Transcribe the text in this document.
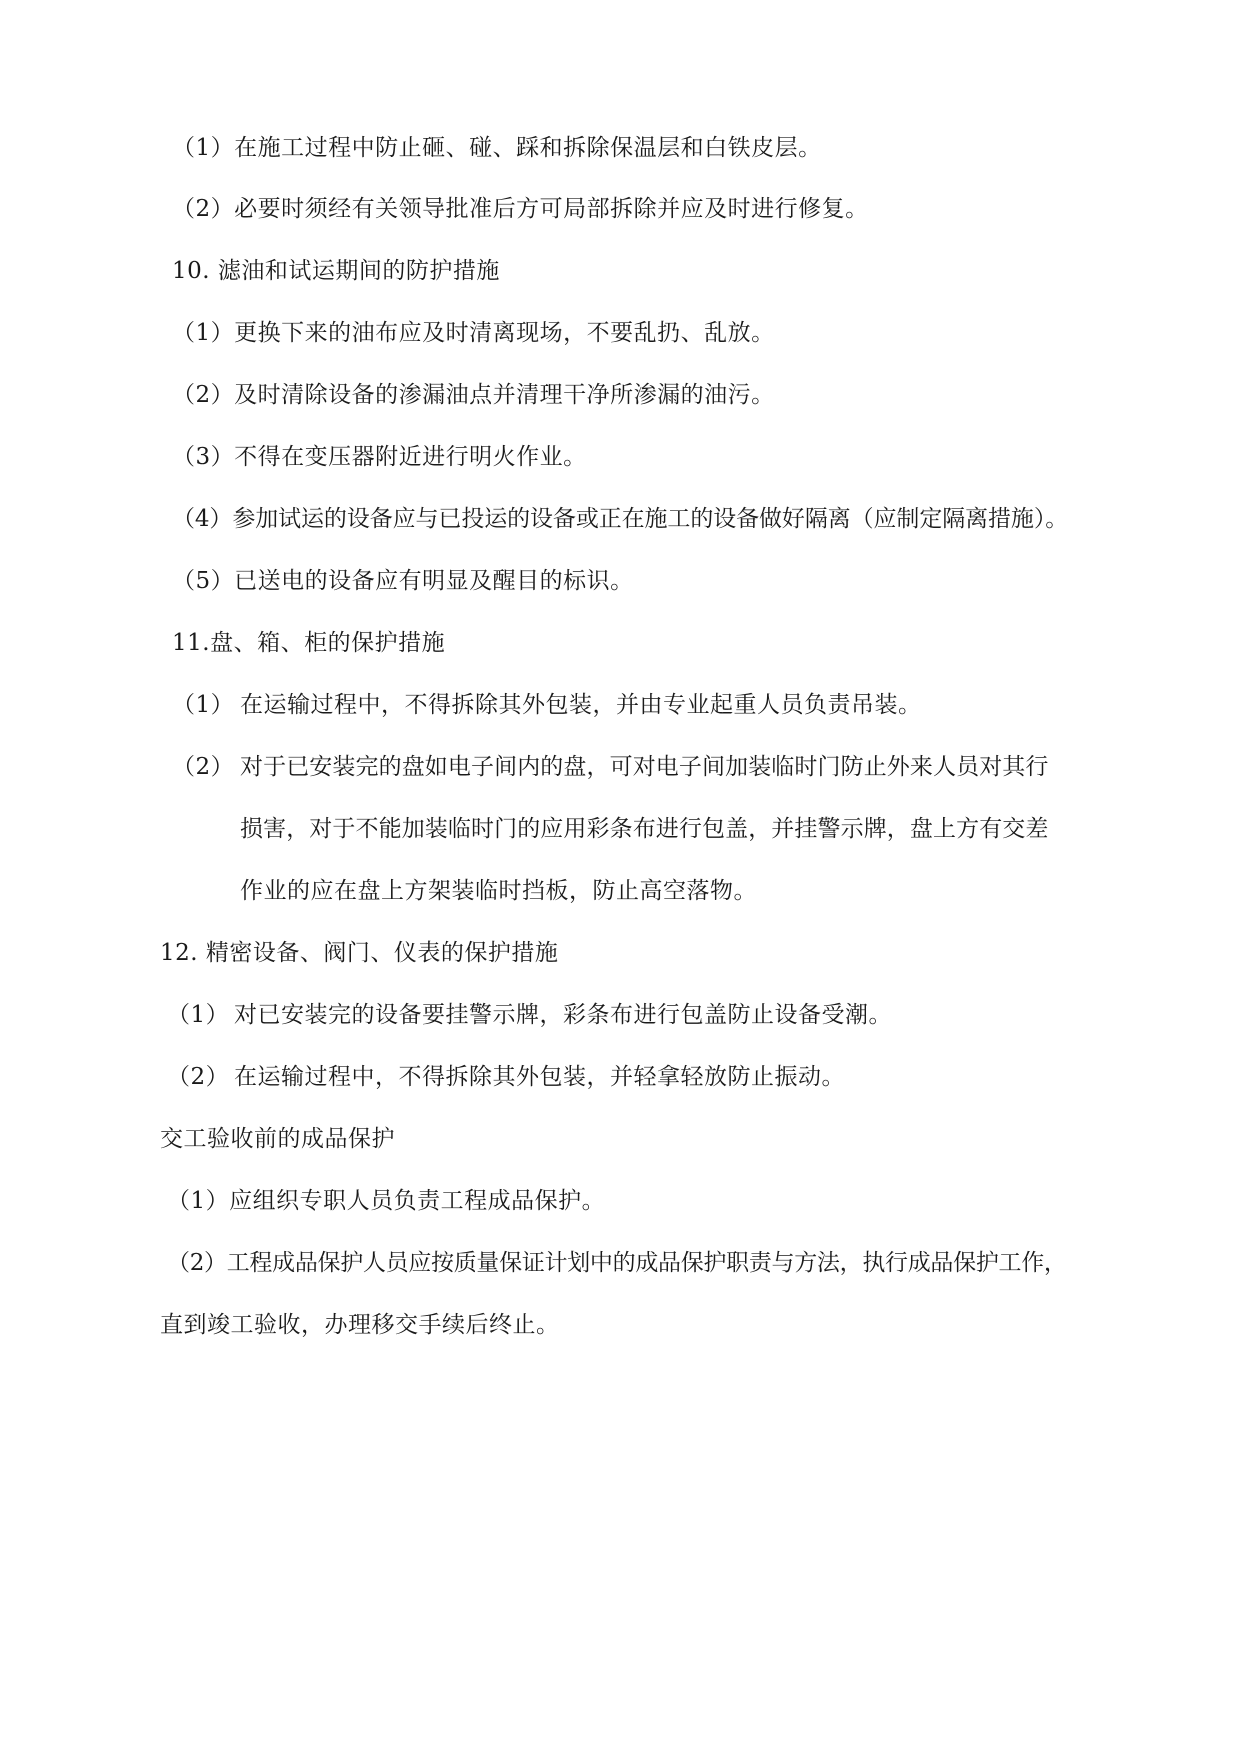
（1）在施工过程中防止砸、碰、踩和拆除保温层和白铁皮层。
（2）必要时须经有关领导批准后方可局部拆除并应及时进行修复。
10. 滤油和试运期间的防护措施
（1）更换下来的油布应及时清离现场，不要乱扔、乱放。
（2）及时清除设备的渗漏油点并清理干净所渗漏的油污。
（3）不得在变压器附近进行明火作业。
（4）参加试运的设备应与已投运的设备或正在施工的设备做好隔离（应制定隔离措施）。
（5）已送电的设备应有明显及醒目的标识。
11.盘、箱、柜的保护措施
（1） 在运输过程中，不得拆除其外包装，并由专业起重人员负责吊装。
（2） 对于已安装完的盘如电子间内的盘，可对电子间加装临时门防止外来人员对其行
损害，对于不能加装临时门的应用彩条布进行包盖，并挂警示牌，盘上方有交差
作业的应在盘上方架装临时挡板，防止高空落物。
12. 精密设备、阀门、仪表的保护措施
（1） 对已安装完的设备要挂警示牌，彩条布进行包盖防止设备受潮。
（2） 在运输过程中，不得拆除其外包装，并轻拿轻放防止振动。
交工验收前的成品保护
（1）应组织专职人员负责工程成品保护。
（2）工程成品保护人员应按质量保证计划中的成品保护职责与方法，执行成品保护工作，
直到竣工验收，办理移交手续后终止。
